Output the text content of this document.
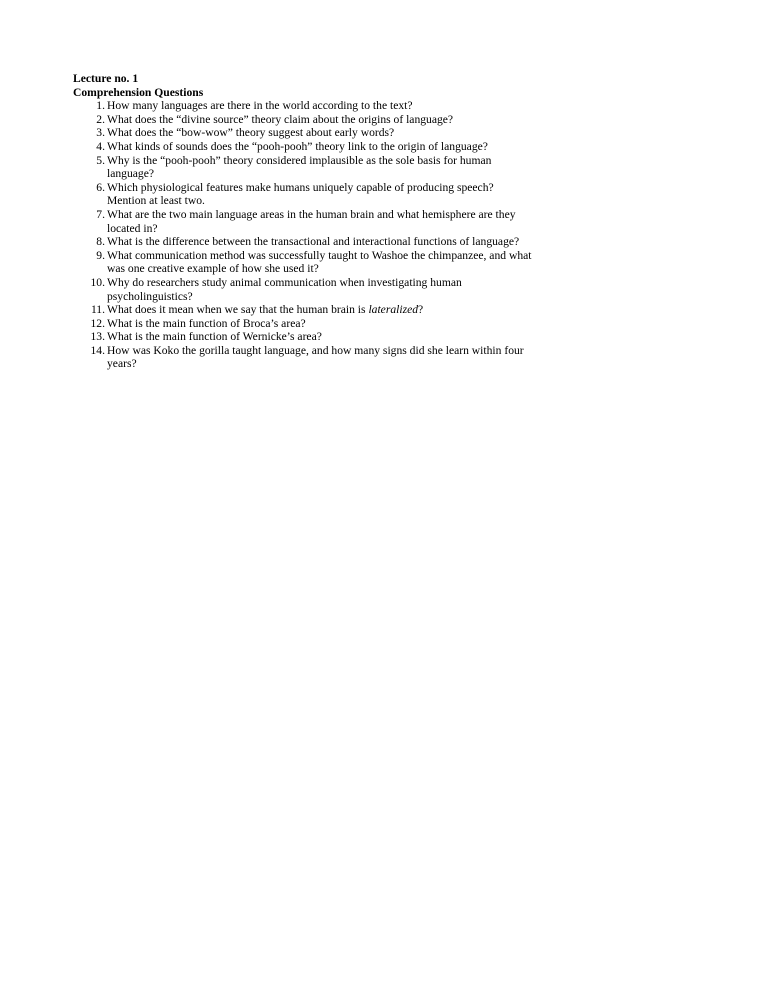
Lecture no. 1

Comprehension Questions

1. How many languages are there in the world according to the text?
2. What does the “divine source” theory claim about the origins of language?
3. What does the “bow-wow” theory suggest about early words?
4. What kinds of sounds does the “pooh-pooh” theory link to the origin of language?
5. Why is the “pooh-pooh” theory considered implausible as the sole basis for human language?
6. Which physiological features make humans uniquely capable of producing speech? Mention at least two.
7. What are the two main language areas in the human brain and what hemisphere are they located in?
8. What is the difference between the transactional and interactional functions of language?
9. What communication method was successfully taught to Washoe the chimpanzee, and what was one creative example of how she used it?
10. Why do researchers study animal communication when investigating human psycholinguistics?
11. What does it mean when we say that the human brain is lateralized?
12. What is the main function of Broca’s area?
13. What is the main function of Wernicke’s area?
14. How was Koko the gorilla taught language, and how many signs did she learn within four years?
